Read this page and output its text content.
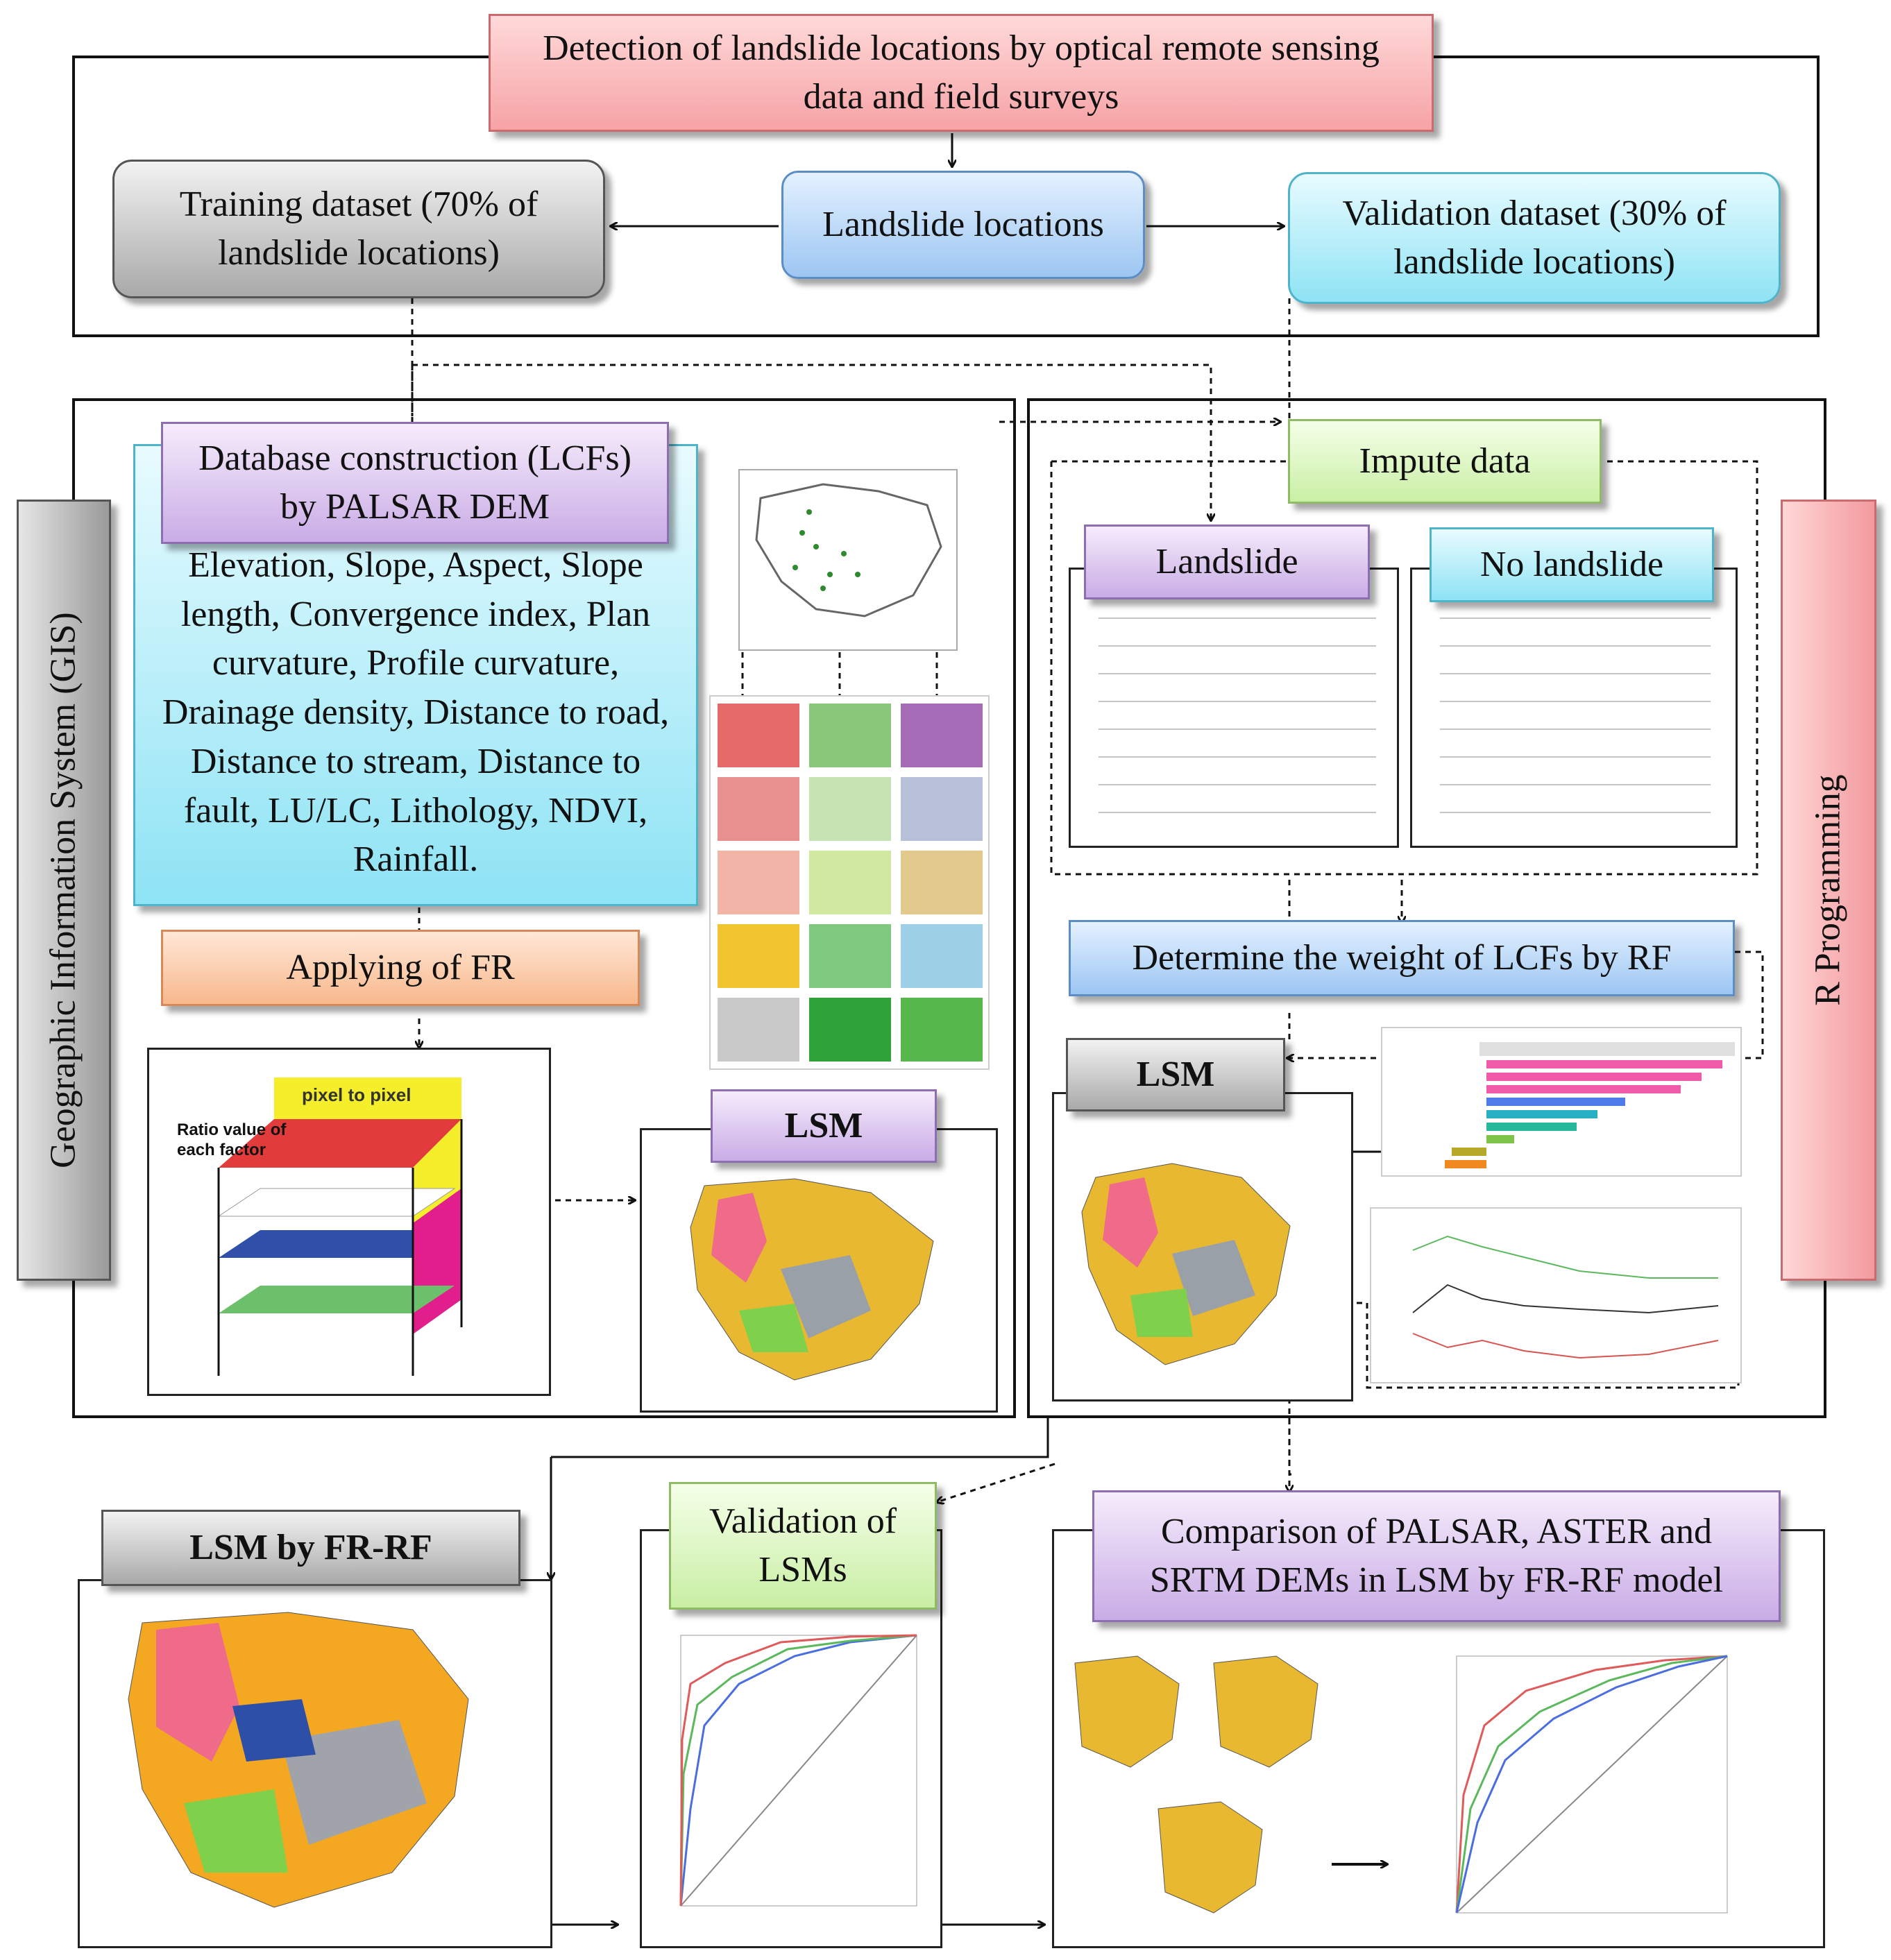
Detection of landslide locations by optical remote sensing data and field surveys
Training dataset (70% of landslide locations)
Landslide locations	Validation dataset (30% of landslide locations)
Geographic Information System (GIS)	R Programming
Elevation, Slope, Aspect, Slope length, Convergence index, Plan curvature, Profile curvature, Drainage density, Distance to road, Distance to stream, Distance to fault, LU/LC, Lithology, NDVI, Rainfall.
Database construction (LCFs) by PALSAR DEM
Applying of FR
pixel to pixel
Ratio value of each factor
LSM
Impute data
Landslide	No landslide
Determine the weight of LCFs by RF
LSM
LSM by FR-RF
Validation of LSMs
Comparison of PALSAR, ASTER and SRTM DEMs in LSM by FR-RF model
